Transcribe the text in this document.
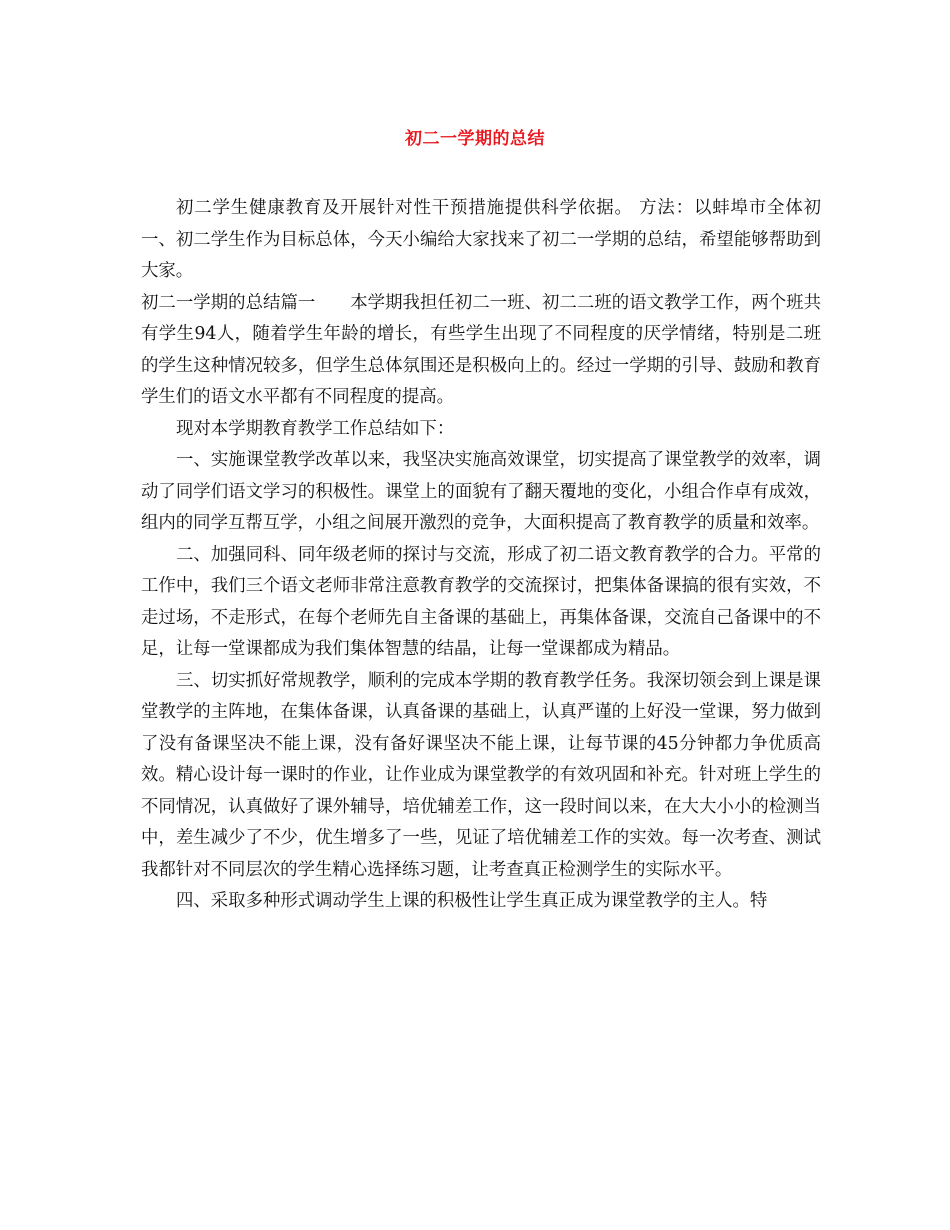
初二一学期的总结

初二学生健康教育及开展针对性干预措施提供科学依据。 方法：以蚌埠市全体初一、初二学生作为目标总体，今天小编给大家找来了初二一学期的总结，希望能够帮助到大家。

初二一学期的总结篇一　　本学期我担任初二一班、初二二班的语文教学工作，两个班共有学生94人，随着学生年龄的增长，有些学生出现了不同程度的厌学情绪，特别是二班的学生这种情况较多，但学生总体氛围还是积极向上的。经过一学期的引导、鼓励和教育学生们的语文水平都有不同程度的提高。

现对本学期教育教学工作总结如下：

一、实施课堂教学改革以来，我坚决实施高效课堂，切实提高了课堂教学的效率，调动了同学们语文学习的积极性。课堂上的面貌有了翻天覆地的变化，小组合作卓有成效，组内的同学互帮互学，小组之间展开激烈的竞争，大面积提高了教育教学的质量和效率。

二、加强同科、同年级老师的探讨与交流，形成了初二语文教育教学的合力。平常的工作中，我们三个语文老师非常注意教育教学的交流探讨，把集体备课搞的很有实效，不走过场，不走形式，在每个老师先自主备课的基础上，再集体备课，交流自己备课中的不足，让每一堂课都成为我们集体智慧的结晶，让每一堂课都成为精品。

三、切实抓好常规教学，顺利的完成本学期的教育教学任务。我深切领会到上课是课堂教学的主阵地，在集体备课，认真备课的基础上，认真严谨的上好没一堂课，努力做到了没有备课坚决不能上课，没有备好课坚决不能上课，让每节课的45分钟都力争优质高效。精心设计每一课时的作业，让作业成为课堂教学的有效巩固和补充。针对班上学生的不同情况，认真做好了课外辅导，培优辅差工作，这一段时间以来，在大大小小的检测当中，差生减少了不少，优生增多了一些，见证了培优辅差工作的实效。每一次考查、测试我都针对不同层次的学生精心选择练习题，让考查真正检测学生的实际水平。

四、采取多种形式调动学生上课的积极性让学生真正成为课堂教学的主人。特
